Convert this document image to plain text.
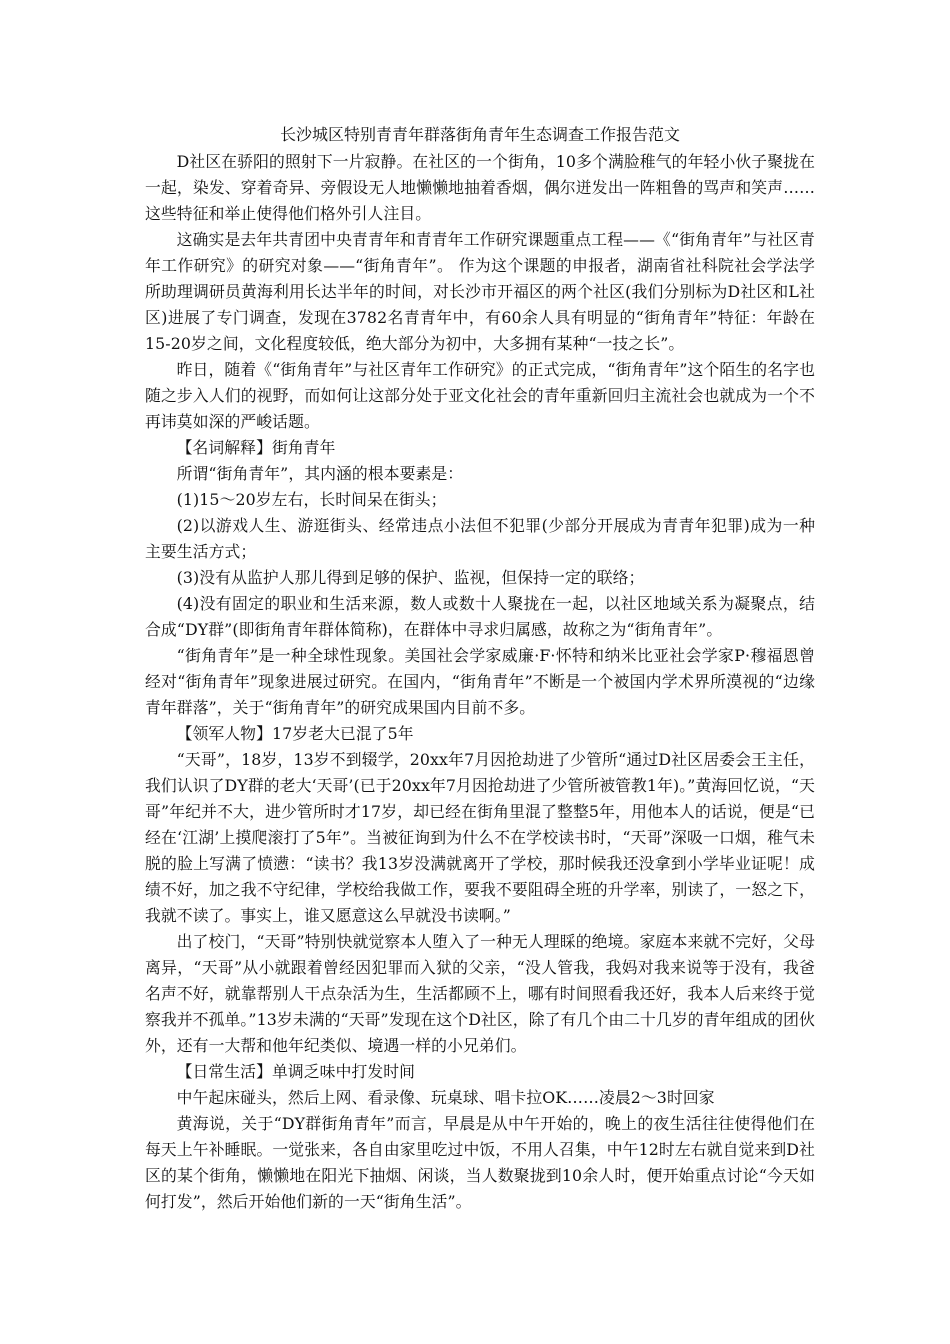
长沙城区特别青青年群落街角青年生态调查工作报告范文

D社区在骄阳的照射下一片寂静。在社区的一个街角，10多个满脸稚气的年轻小伙子聚拢在一起，染发、穿着奇异、旁假设无人地懒懒地抽着香烟，偶尔迸发出一阵粗鲁的骂声和笑声……这些特征和举止使得他们格外引人注目。

这确实是去年共青团中央青青年和青青年工作研究课题重点工程——《“街角青年”与社区青年工作研究》的研究对象——“街角青年”。 作为这个课题的申报者，湖南省社科院社会学法学所助理调研员黄海利用长达半年的时间，对长沙市开福区的两个社区(我们分别标为D社区和L社区)进展了专门调查，发现在3782名青青年中，有60余人具有明显的“街角青年”特征：年龄在15-20岁之间，文化程度较低，绝大部分为初中，大多拥有某种“一技之长”。

昨日，随着《“街角青年”与社区青年工作研究》的正式完成，“街角青年”这个陌生的名字也随之步入人们的视野，而如何让这部分处于亚文化社会的青年重新回归主流社会也就成为一个不再讳莫如深的严峻话题。

【名词解释】街角青年

所谓“街角青年”，其内涵的根本要素是：

(1)15～20岁左右，长时间呆在街头；

(2)以游戏人生、游逛街头、经常违点小法但不犯罪(少部分开展成为青青年犯罪)成为一种主要生活方式；

(3)没有从监护人那儿得到足够的保护、监视，但保持一定的联络；

(4)没有固定的职业和生活来源，数人或数十人聚拢在一起，以社区地域关系为凝聚点，结合成“DY群”(即街角青年群体简称)，在群体中寻求归属感，故称之为“街角青年”。

“街角青年”是一种全球性现象。美国社会学家威廉·F·怀特和纳米比亚社会学家P·穆福恩曾经对“街角青年”现象进展过研究。在国内，“街角青年”不断是一个被国内学术界所漠视的“边缘青年群落”，关于“街角青年”的研究成果国内目前不多。

【领军人物】17岁老大已混了5年

“天哥”，18岁，13岁不到辍学，20xx年7月因抢劫进了少管所“通过D社区居委会王主任，我们认识了DY群的老大‘天哥’(已于20xx年7月因抢劫进了少管所被管教1年)。”黄海回忆说，“天哥”年纪并不大，进少管所时才17岁，却已经在街角里混了整整5年，用他本人的话说，便是“已经在‘江湖’上摸爬滚打了5年”。当被征询到为什么不在学校读书时，“天哥”深吸一口烟，稚气未脱的脸上写满了愤懑：“读书？我13岁没满就离开了学校，那时候我还没拿到小学毕业证呢！成绩不好，加之我不守纪律，学校给我做工作，要我不要阻碍全班的升学率，别读了，一怒之下，我就不读了。事实上，谁又愿意这么早就没书读啊。”

出了校门，“天哥”特别快就觉察本人堕入了一种无人理睬的绝境。家庭本来就不完好，父母离异，“天哥”从小就跟着曾经因犯罪而入狱的父亲，“没人管我，我妈对我来说等于没有，我爸名声不好，就靠帮别人干点杂活为生，生活都顾不上，哪有时间照看我还好，我本人后来终于觉察我并不孤单。”13岁未满的“天哥”发现在这个D社区，除了有几个由二十几岁的青年组成的团伙外，还有一大帮和他年纪类似、境遇一样的小兄弟们。

【日常生活】单调乏味中打发时间

中午起床碰头，然后上网、看录像、玩桌球、唱卡拉OK……凌晨2～3时回家

黄海说，关于“DY群街角青年”而言，早晨是从中午开始的，晚上的夜生活往往使得他们在每天上午补睡眠。一觉张来，各自由家里吃过中饭，不用人召集，中午12时左右就自觉来到D社区的某个街角，懒懒地在阳光下抽烟、闲谈，当人数聚拢到10余人时，便开始重点讨论“今天如何打发”，然后开始他们新的一天“街角生活”。
